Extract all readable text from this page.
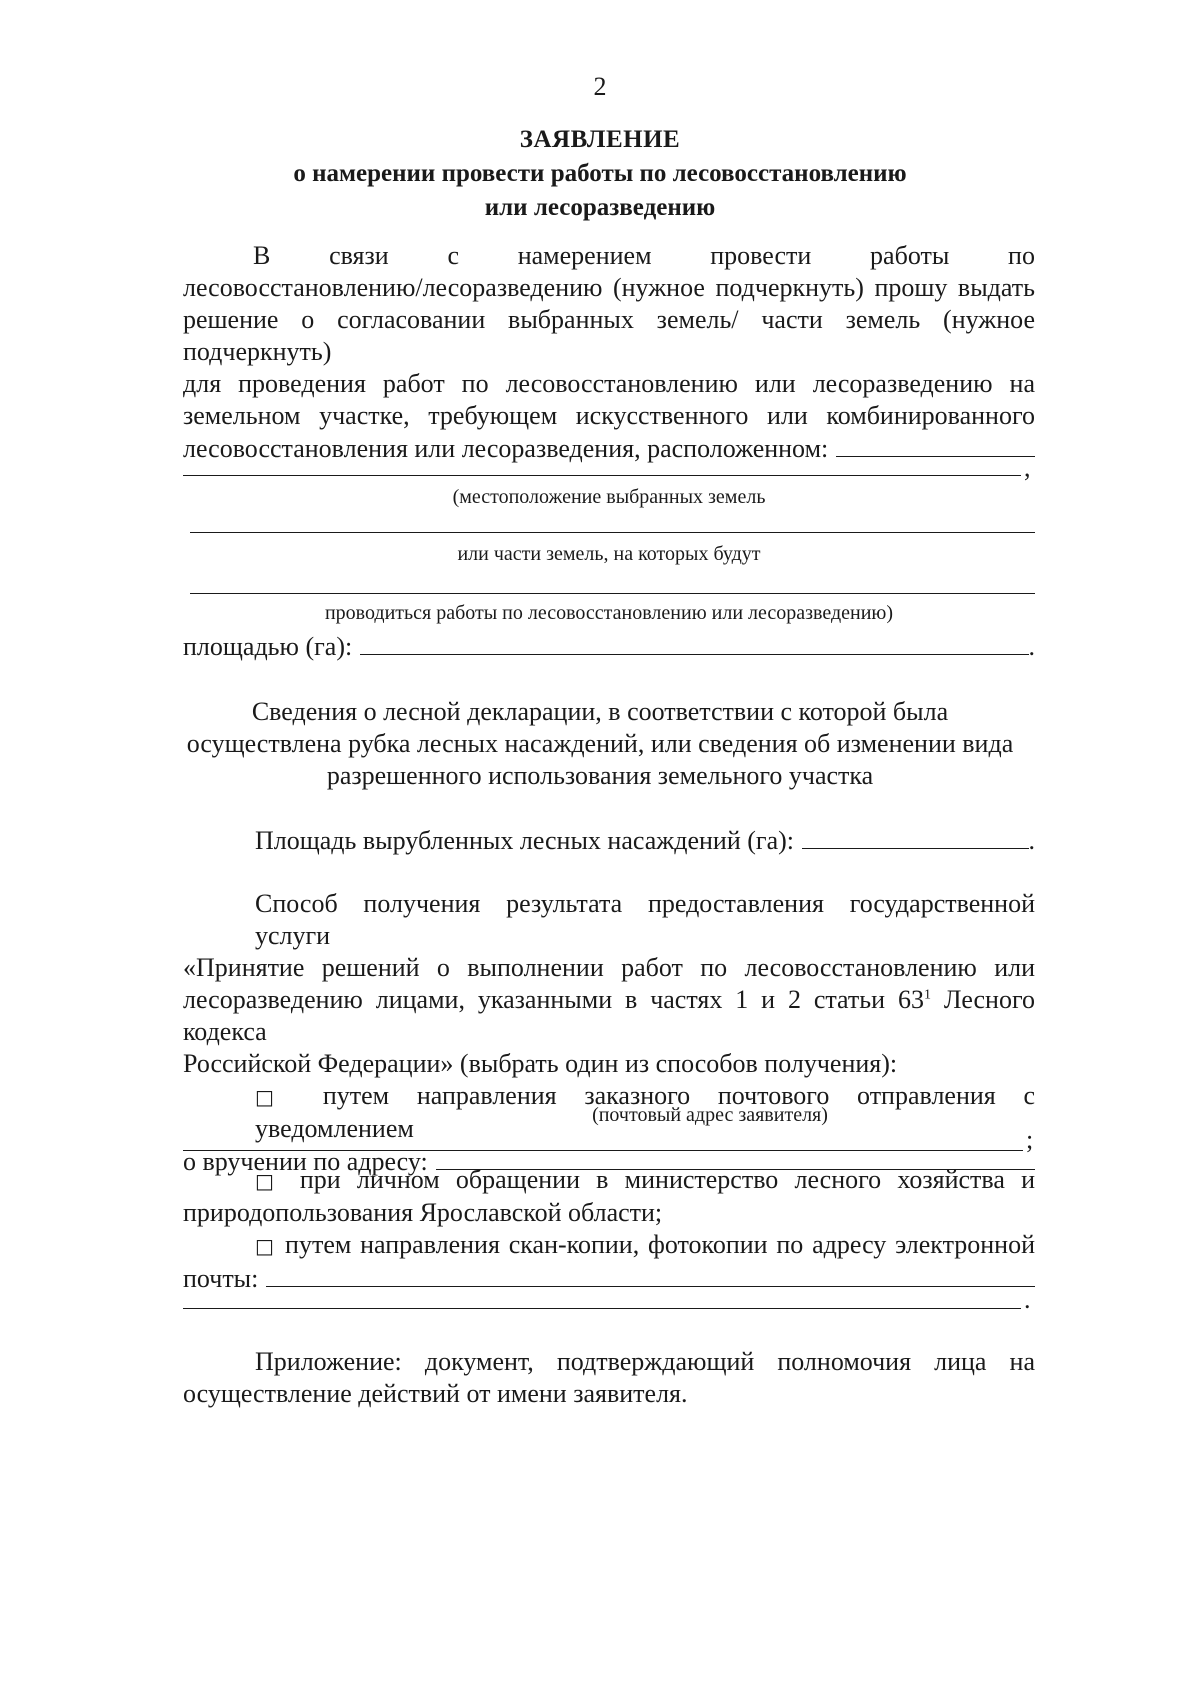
2

ЗАЯВЛЕНИЕ
о намерении провести работы по лесовосстановлению
или лесоразведению
В связи с намерением провести работы по
лесовосстановлению/лесоразведению (нужное подчеркнуть) прошу выдать
решение о согласовании выбранных земель/ части земель (нужное подчеркнуть)
для проведения работ по лесовосстановлению или лесоразведению на
земельном участке, требующем искусственного или комбинированного
лесовосстановления или лесоразведения, расположенном:
,
(местоположение выбранных земель
или части земель, на которых будут
проводиться работы по лесовосстановлению или лесоразведению)
площадью (га):	.
Сведения о лесной декларации, в соответствии с которой была
осуществлена рубка лесных насаждений, или сведения об изменении вида
разрешенного использования земельного участка
Площадь вырубленных лесных насаждений (га):	.
Способ получения результата предоставления государственной услуги
«Принятие решений о выполнении работ по лесовосстановлению или
лесоразведению лицами, указанными в частях 1 и 2 статьи $63^1$ Лесного кодекса
Российской Федерации» (выбрать один из способов получения):
□ путем направления заказного почтового отправления с уведомлением
о вручении по адресу:
(почтовый адрес заявителя)
;
□ при личном обращении в министерство лесного хозяйства и
природопользования Ярославской области;
□ путем направления скан-копии, фотокопии по адресу электронной
почты:
.
Приложение: документ, подтверждающий полномочия лица на
осуществление действий от имени заявителя.
